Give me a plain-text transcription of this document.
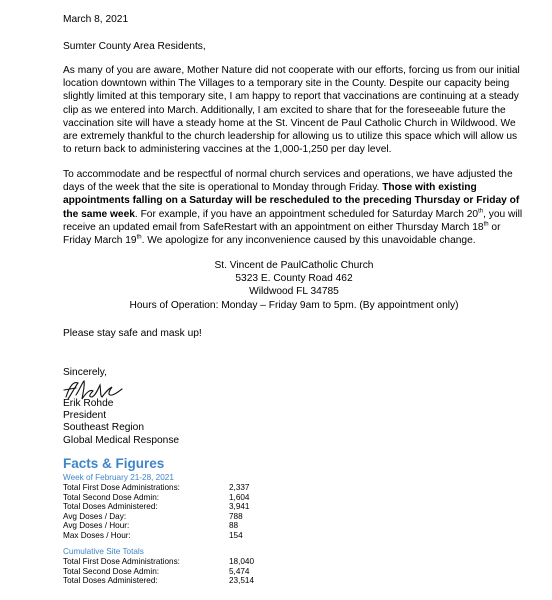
March 8, 2021

Sumter County Area Residents,

As many of you are aware, Mother Nature did not cooperate with our efforts, forcing us from our initial location downtown within The Villages to a temporary site in the County. Despite our capacity being slightly limited at this temporary site, I am happy to report that vaccinations are continuing at a steady clip as we entered into March. Additionally, I am excited to share that for the foreseeable future the vaccination site will have a steady home at the St. Vincent de Paul Catholic Church in Wildwood. We are extremely thankful to the church leadership for allowing us to utilize this space which will allow us to return back to administering vaccines at the 1,000-1,250 per day level.

To accommodate and be respectful of normal church services and operations, we have adjusted the days of the week that the site is operational to Monday through Friday. Those with existing appointments falling on a Saturday will be rescheduled to the preceding Thursday or Friday of the same week. For example, if you have an appointment scheduled for Saturday March 20th, you will receive an updated email from SafeRestart with an appointment on either Thursday March 18th or Friday March 19th. We apologize for any inconvenience caused by this unavoidable change.

St. Vincent de PaulCatholic Church
5323 E. County Road 462
Wildwood FL 34785
Hours of Operation: Monday – Friday 9am to 5pm. (By appointment only)

Please stay safe and mask up!

Sincerely,

Erik Rohde
President
Southeast Region
Global Medical Response
Facts & Figures
Week of February 21-28, 2021
Total First Dose Administrations:	2,337
Total Second Dose Admin:	1,604
Total Doses Administered:	3,941
Avg Doses / Day:	788
Avg Doses / Hour:	88
Max Doses / Hour:	154
Cumulative Site Totals
Total First Dose Administrations:	18,040
Total Second Dose Admin:	5,474
Total Doses Administered:	23,514
